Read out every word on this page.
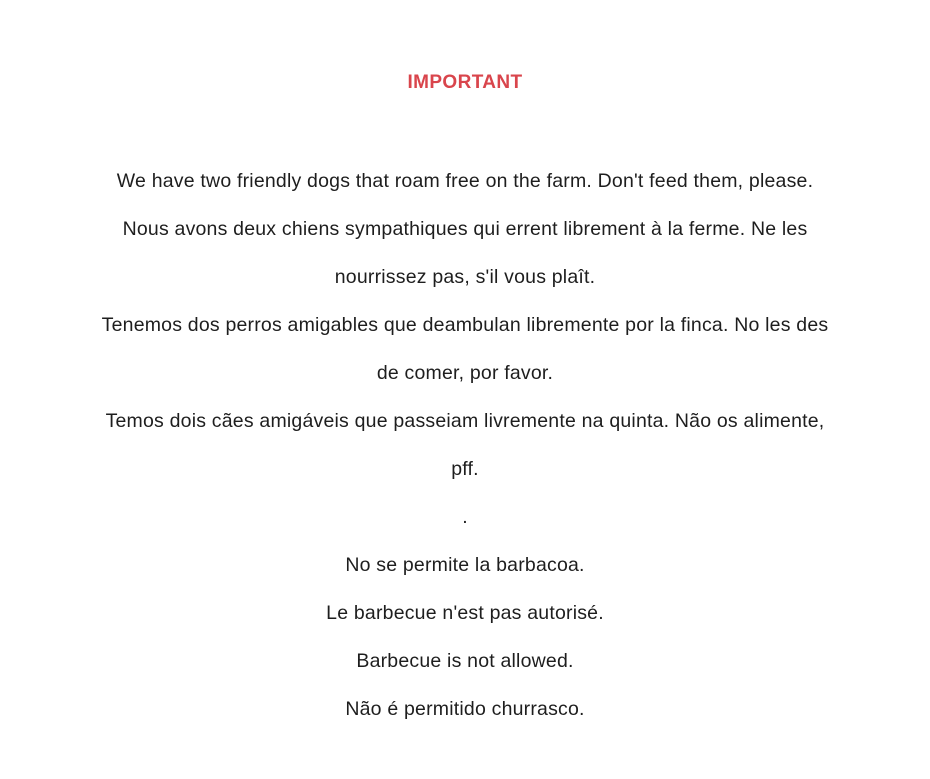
IMPORTANT

We have two friendly dogs that roam free on the farm. Don't feed them, please.

Nous avons deux chiens sympathiques qui errent librement à la ferme. Ne les

nourrissez pas, s'il vous plaît.

Tenemos dos perros amigables que deambulan libremente por la finca. No les des

de comer, por favor.

Temos dois cães amigáveis que passeiam livremente na quinta. Não os alimente,

pff.

.

No se permite la barbacoa.

Le barbecue n'est pas autorisé.

Barbecue is not allowed.

Não é permitido churrasco.
